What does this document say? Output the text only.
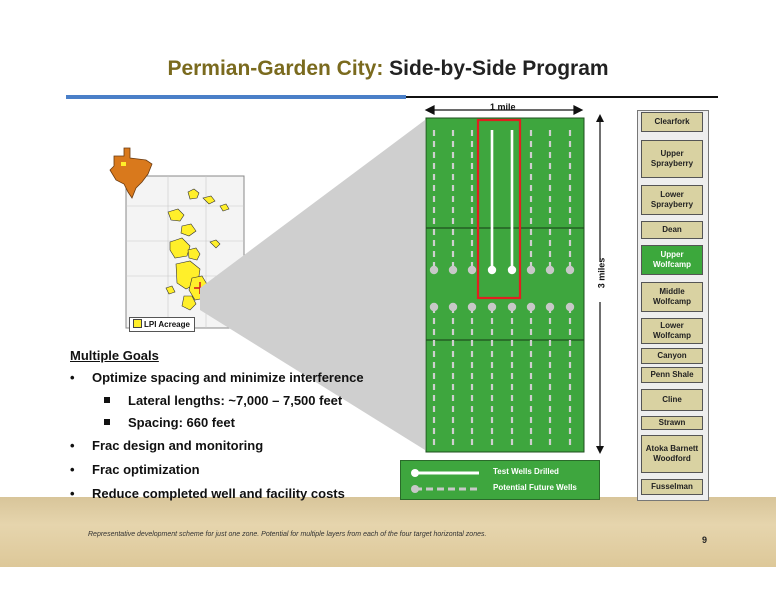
Permian-Garden City: Side-by-Side Program
LPI Acreage
Multiple Goals
• Optimize spacing and minimize interference
Lateral lengths: ~7,000 – 7,500 feet
Spacing: 660 feet
• Frac design and monitoring
• Frac optimization
• Reduce completed well and facility costs
1 mile
3 miles
Test Wells Drilled
Potential Future Wells
Clearfork
Upper Sprayberry
Lower Sprayberry
Dean
Upper Wolfcamp
Middle Wolfcamp
Lower Wolfcamp
Canyon
Penn Shale
Cline
Strawn
Atoka Barnett Woodford
Fusselman
Representative development scheme for just one zone. Potential for multiple layers from each of the four target horizontal zones.
9
